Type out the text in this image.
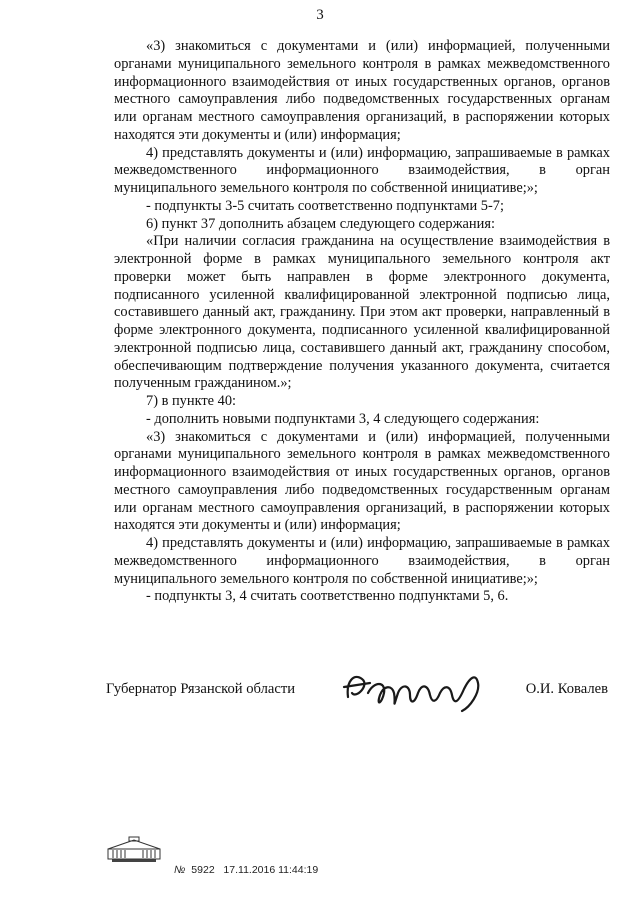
3

«3) знакомиться с документами и (или) информацией, полученными органами муниципального земельного контроля в рамках межведомственного информационного взаимодействия от иных государственных органов, органов местного самоуправления либо подведомственных государственных органам или органам местного самоуправления организаций, в распоряжении которых находятся эти документы и (или) информация;

4) представлять документы и (или) информацию, запрашиваемые в рамках межведомственного информационного взаимодействия, в орган муниципального земельного контроля по собственной инициативе;»;

- подпункты 3-5 считать соответственно подпунктами 5-7;

6) пункт 37 дополнить абзацем следующего содержания:

«При наличии согласия гражданина на осуществление взаимодействия в электронной форме в рамках муниципального земельного контроля акт проверки может быть направлен в форме электронного документа, подписанного усиленной квалифицированной электронной подписью лица, составившего данный акт, гражданину. При этом акт проверки, направленный в форме электронного документа, подписанного усиленной квалифицированной электронной подписью лица, составившего данный акт, гражданину способом, обеспечивающим подтверждение получения указанного документа, считается полученным гражданином.»;

7) в пункте 40:

- дополнить новыми подпунктами 3, 4 следующего содержания:

«3) знакомиться с документами и (или) информацией, полученными органами муниципального земельного контроля в рамках межведомственного информационного взаимодействия от иных государственных органов, органов местного самоуправления либо подведомственных государственным органам или органам местного самоуправления организаций, в распоряжении которых находятся эти документы и (или) информация;

4) представлять документы и (или) информацию, запрашиваемые в рамках межведомственного информационного взаимодействия, в орган муниципального земельного контроля по собственной инициативе;»;

- подпункты 3, 4 считать соответственно подпунктами 5, 6.

Губернатор Рязанской области	О.И. Ковалев
№ 5922 17.11.2016 11:44:19
